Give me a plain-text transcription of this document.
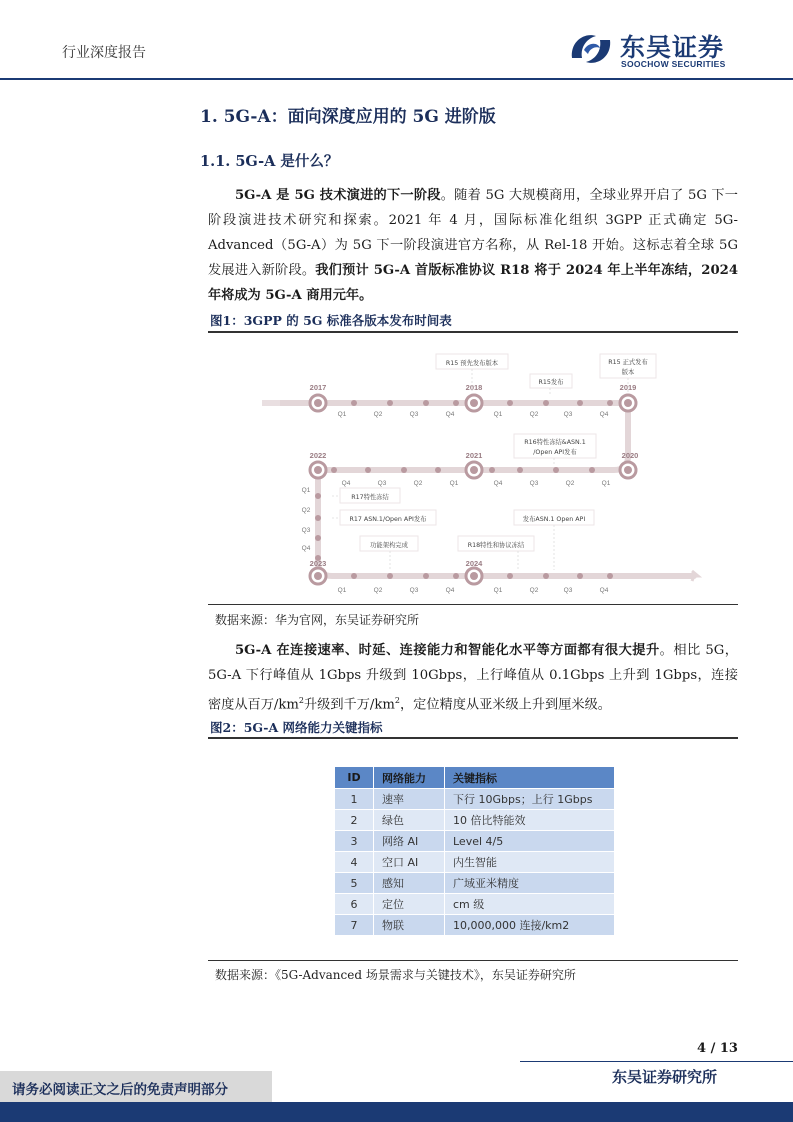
行业深度报告	东吴证券
SOOCHOW SECURITIES
1. 5G-A：面向深度应用的 5G 进阶版
1.1. 5G-A 是什么？

5G-A 是 5G 技术演进的下一阶段。随着 5G 大规模商用，全球业界开启了 5G 下一阶段演进技术研究和探索。2021 年 4 月，国际标准化组织 3GPP 正式确定 5G-Advanced（5G-A）为 5G 下一阶段演进官方名称，从 Rel-18 开始。这标志着全球 5G 发展进入新阶段。我们预计 5G-A 首版标准协议 R18 将于 2024 年上半年冻结，2024 年将成为 5G-A 商用元年。

图1：3GPP 的 5G 标准各版本发布时间表
2017	2018	2019
2020
2021
2022
2023	2024
Q1	Q2	Q3	Q4	Q1	Q2	Q3	Q4
Q1
Q2
Q3
Q4
Q1
Q2
Q3
Q4
Q1
Q2
Q3
Q4
Q1	Q2	Q3	Q4	Q1	Q2	Q3	Q4
R15 预先发布版本
R15发布
R15 正式发布
版本
R16特性冻结&ASN.1
/Open API发布
R17特性冻结
R17 ASN.1/Open API发布
功能架构完成	R18特性和协议冻结
发布ASN.1 Open API
数据来源：华为官网，东吴证券研究所

5G-A 在连接速率、时延、连接能力和智能化水平等方面都有很大提升。相比 5G，5G-A 下行峰值从 1Gbps 升级到 10Gbps，上行峰值从 0.1Gbps 上升到 1Gbps，连接密度从百万$/km^2$升级到千万$/km^2$，定位精度从亚米级上升到厘米级。

图2：5G-A 网络能力关键指标
ID	网络能力	关键指标
1	速率	下行 10Gbps；上行 1Gbps
2	绿色	10 倍比特能效
3	网络 AI	Level 4/5
4	空口 AI	内生智能
5	感知	广域亚米精度
6	定位	cm 级
7	物联	10,000,000 连接/km2
数据来源：《5G-Advanced 场景需求与关键技术》，东吴证券研究所
4 / 13
东吴证券研究所
请务必阅读正文之后的免责声明部分
